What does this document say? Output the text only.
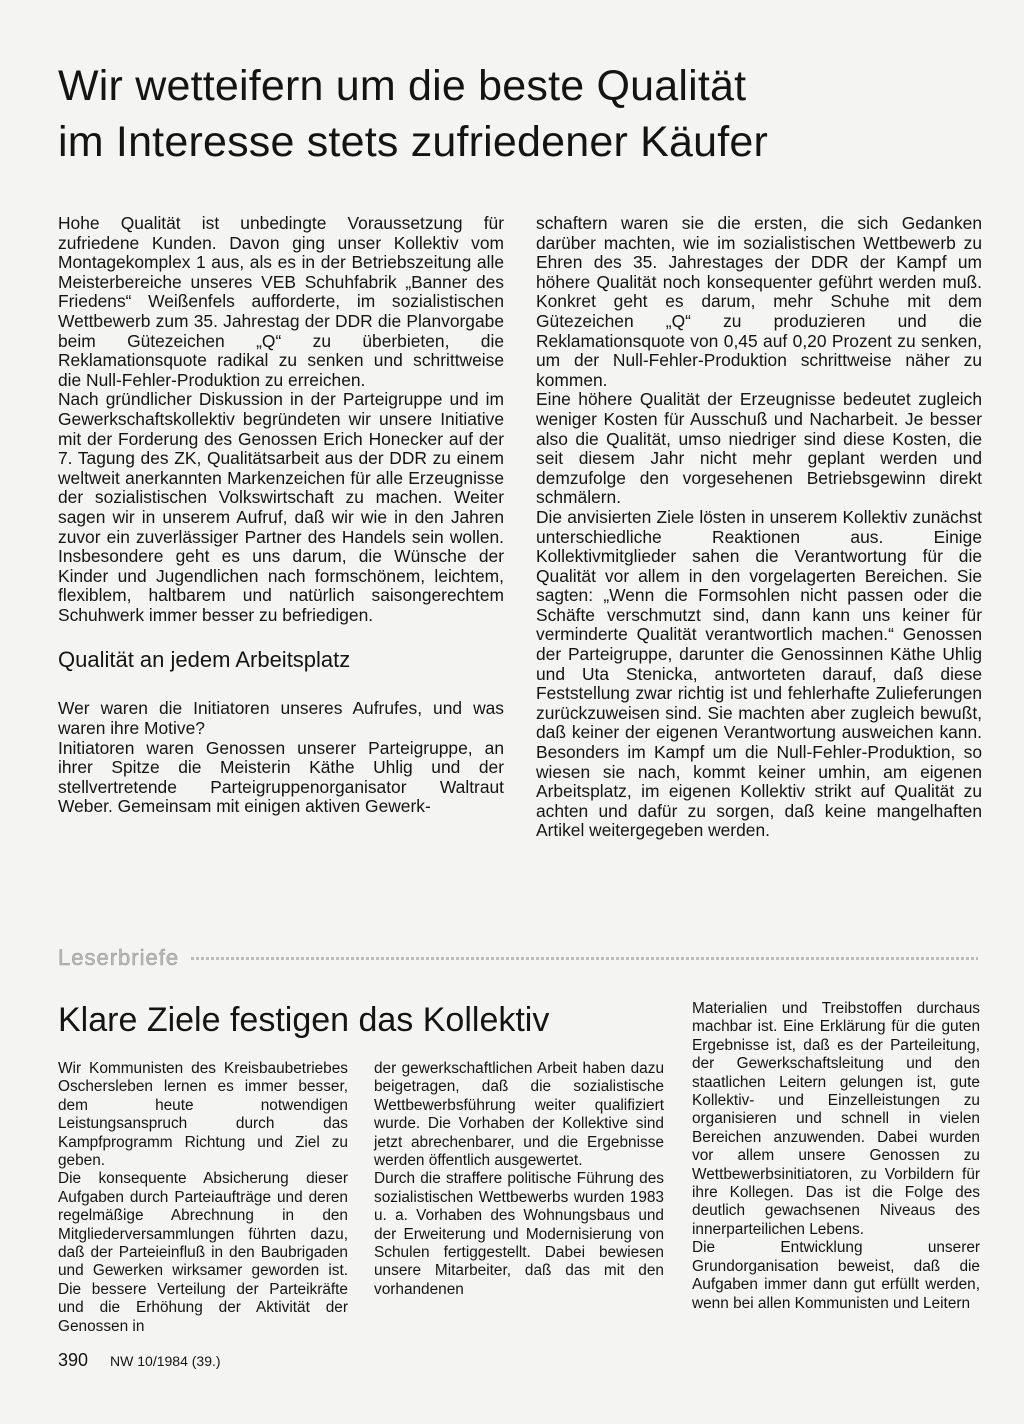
Wir wetteifern um die beste Qualität
im Interesse stets zufriedener Käufer

Hohe Qualität ist unbedingte Voraussetzung für zufriedene Kunden. Davon ging unser Kollektiv vom Montagekomplex 1 aus, als es in der Betriebszeitung alle Meisterbereiche unseres VEB Schuhfabrik „Banner des Friedens“ Weißenfels aufforderte, im sozialistischen Wettbewerb zum 35. Jahrestag der DDR die Planvorgabe beim Gütezeichen „Q“ zu überbieten, die Reklamationsquote radikal zu senken und schrittweise die Null-Fehler-Produktion zu erreichen.

Nach gründlicher Diskussion in der Parteigruppe und im Gewerkschaftskollektiv begründeten wir unsere Initiative mit der Forderung des Genossen Erich Honecker auf der 7. Tagung des ZK, Qualitätsarbeit aus der DDR zu einem weltweit anerkannten Markenzeichen für alle Erzeugnisse der sozialistischen Volkswirtschaft zu machen. Weiter sagen wir in unserem Aufruf, daß wir wie in den Jahren zuvor ein zuverlässiger Partner des Handels sein wollen. Insbesondere geht es uns darum, die Wünsche der Kinder und Jugendlichen nach formschönem, leichtem, flexiblem, haltbarem und natürlich saisongerechtem Schuhwerk immer besser zu befriedigen.

Qualität an jedem Arbeitsplatz

Wer waren die Initiatoren unseres Aufrufes, und was waren ihre Motive?

Initiatoren waren Genossen unserer Parteigruppe, an ihrer Spitze die Meisterin Käthe Uhlig und der stellvertretende Parteigruppenorganisator Waltraut Weber. Gemeinsam mit einigen aktiven Gewerk-

schaftern waren sie die ersten, die sich Gedanken darüber machten, wie im sozialistischen Wettbewerb zu Ehren des 35. Jahrestages der DDR der Kampf um höhere Qualität noch konsequenter geführt werden muß. Konkret geht es darum, mehr Schuhe mit dem Gütezeichen „Q“ zu produzieren und die Reklamationsquote von 0,45 auf 0,20 Prozent zu senken, um der Null-Fehler-Produktion schrittweise näher zu kommen.

Eine höhere Qualität der Erzeugnisse bedeutet zugleich weniger Kosten für Ausschuß und Nacharbeit. Je besser also die Qualität, umso niedriger sind diese Kosten, die seit diesem Jahr nicht mehr geplant werden und demzufolge den vorgesehenen Betriebsgewinn direkt schmälern.

Die anvisierten Ziele lösten in unserem Kollektiv zunächst unterschiedliche Reaktionen aus. Einige Kollektivmitglieder sahen die Verantwortung für die Qualität vor allem in den vorgelagerten Bereichen. Sie sagten: „Wenn die Formsohlen nicht passen oder die Schäfte verschmutzt sind, dann kann uns keiner für verminderte Qualität verantwortlich machen.“ Genossen der Parteigruppe, darunter die Genossinnen Käthe Uhlig und Uta Stenicka, antworteten darauf, daß diese Feststellung zwar richtig ist und fehlerhafte Zulieferungen zurückzuweisen sind. Sie machten aber zugleich bewußt, daß keiner der eigenen Verantwortung ausweichen kann. Besonders im Kampf um die Null-Fehler-Produktion, so wiesen sie nach, kommt keiner umhin, am eigenen Arbeitsplatz, im eigenen Kollektiv strikt auf Qualität zu achten und dafür zu sorgen, daß keine mangelhaften Artikel weitergegeben werden.

Leserbriefe
Klare Ziele festigen das Kollektiv

Wir Kommunisten des Kreisbaubetriebes Oschersleben lernen es immer besser, dem heute notwendigen Leistungsanspruch durch das Kampfprogramm Richtung und Ziel zu geben.

Die konsequente Absicherung dieser Aufgaben durch Parteiaufträge und deren regelmäßige Abrechnung in den Mitgliederversammlungen führten dazu, daß der Parteieinfluß in den Baubrigaden und Gewerken wirksamer geworden ist. Die bessere Verteilung der Parteikräfte und die Erhöhung der Aktivität der Genossen in

der gewerkschaftlichen Arbeit haben dazu beigetragen, daß die sozialistische Wettbewerbsführung weiter qualifiziert wurde. Die Vorhaben der Kollektive sind jetzt abrechenbarer, und die Ergebnisse werden öffentlich ausgewertet.

Durch die straffere politische Führung des sozialistischen Wettbewerbs wurden 1983 u. a. Vorhaben des Wohnungsbaus und der Erweiterung und Modernisierung von Schulen fertiggestellt. Dabei bewiesen unsere Mitarbeiter, daß das mit den vorhandenen

Materialien und Treibstoffen durchaus machbar ist. Eine Erklärung für die guten Ergebnisse ist, daß es der Parteileitung, der Gewerkschaftsleitung und den staatlichen Leitern gelungen ist, gute Kollektiv- und Einzelleistungen zu organisieren und schnell in vielen Bereichen anzuwenden. Dabei wurden vor allem unsere Genossen zu Wettbewerbsinitiatoren, zu Vorbildern für ihre Kollegen. Das ist die Folge des deutlich gewachsenen Niveaus des innerparteilichen Lebens.

Die Entwicklung unserer Grundorganisation beweist, daß die Aufgaben immer dann gut erfüllt werden, wenn bei allen Kommunisten und Leitern

390 NW 10/1984 (39.)
